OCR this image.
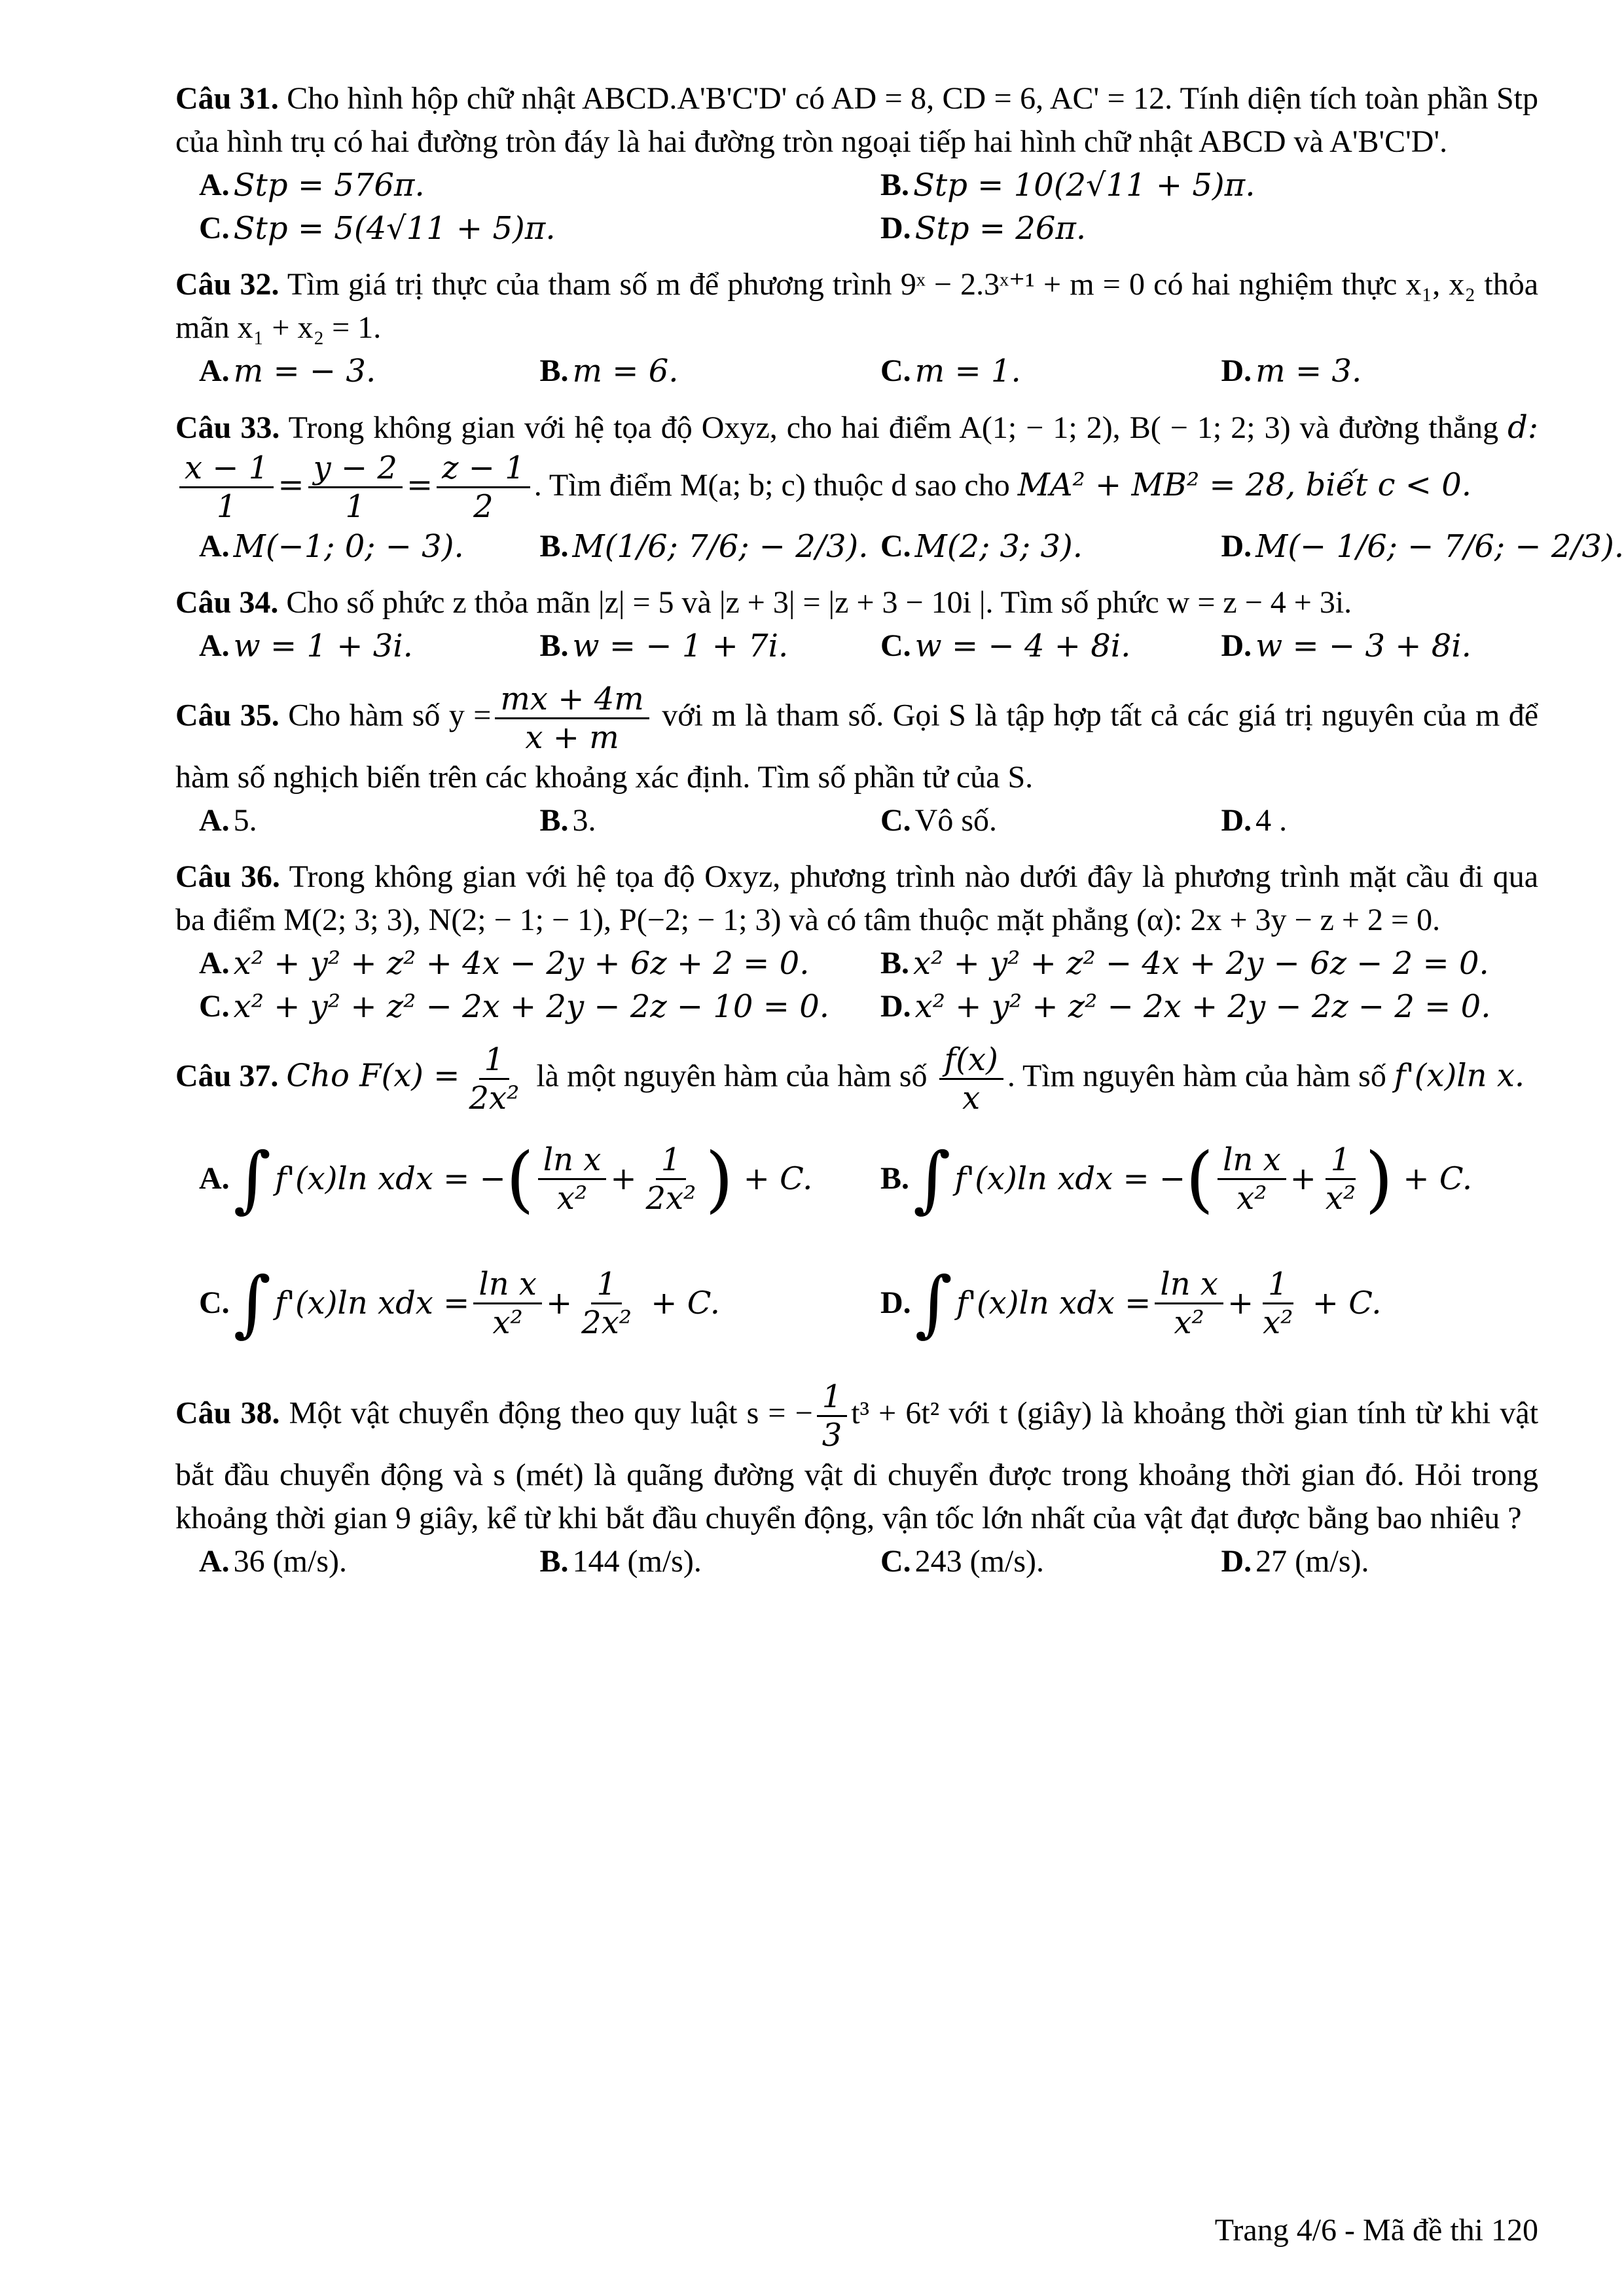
Câu 31. Cho hình hộp chữ nhật ABCD.A'B'C'D' có AD = 8, CD = 6, AC' = 12. Tính diện tích toàn phần Stp của hình trụ có hai đường tròn đáy là hai đường tròn ngoại tiếp hai hình chữ nhật ABCD và A'B'C'D'.
A. Stp = 576π.	B. Stp = 10(2√11 + 5)π.
C. Stp = 5(4√11 + 5)π.	D. Stp = 26π.
Câu 32. Tìm giá trị thực của tham số m để phương trình 9ˣ − 2.3ˣ⁺¹ + m = 0 có hai nghiệm thực x₁, x₂ thỏa mãn x₁ + x₂ = 1.
A. m = − 3.	B. m = 6.	C. m = 1.	D. m = 3.
Câu 33. Trong không gian với hệ tọa độ Oxyz, cho hai điểm A(1; − 1; 2), B( − 1; 2; 3) và đường thẳng d:
$\frac{x - 1}{1} = \frac{y - 2}{1} = \frac{z - 1}{2}$ . Tìm điểm M(a; b; c) thuộc d sao cho MA² + MB² = 28, biết c < 0.
A. M(−1; 0; − 3). B. M(1/6; 7/6; − 2/3). C. M(2; 3; 3).	D. M(− 1/6; − 7/6; − 2/3).
Câu 34. Cho số phức z thỏa mãn |z| = 5 và |z + 3| = |z + 3 − 10i |. Tìm số phức w = z − 4 + 3i.
A. w = 1 + 3i.	B. w = − 1 + 7i.	C. w = − 4 + 8i.	D. w = − 3 + 8i.
Câu 35. Cho hàm số $y = \frac{mx + 4m}{x + m}$ với m là tham số. Gọi S là tập hợp tất cả các giá trị nguyên của m để hàm số nghịch biến trên các khoảng xác định. Tìm số phần tử của S.
A. 5.	B. 3.	C. Vô số.	D. 4 .
Câu 36. Trong không gian với hệ tọa độ Oxyz, phương trình nào dưới đây là phương trình mặt cầu đi qua ba điểm M(2; 3; 3), N(2; − 1; − 1), P(−2; − 1; 3) và có tâm thuộc mặt phẳng (α): 2x + 3y − z + 2 = 0.
A. x² + y² + z² + 4x − 2y + 6z + 2 = 0. B. x² + y² + z² − 4x + 2y − 6z − 2 = 0.
C. x² + y² + z² − 2x + 2y − 2z − 10 = 0. D. x² + y² + z² − 2x + 2y − 2z − 2 = 0.
Câu 37. Cho $F(x) = \frac{1}{\text{2x²}}$ là một nguyên hàm của hàm số $\frac{f(x)}{x}$ . Tìm nguyên hàm của hàm số f'(x)ln x.
A. ∫ f'(x)ln xdx = − ( $\frac{\text{ln x}}{\text{x²}} + \frac{1}{\text{2x²}}$ )
+ C. B. ∫ f'(x)ln xdx = − ( $\frac{\text{ln x}}{\text{x²}} + \frac{1}{\text{x²}}$ )
+ C.
C. ∫ f'(x)ln xdx = $\frac{\text{ln x}}{\text{x²}} + \frac{1}{\text{2x²}}$
+ C.	D. ∫ f'(x)ln xdx = $\frac{\text{ln x}}{\text{x²}} + \frac{1}{\text{x²}}$
+ C.
Câu 38. Một vật chuyển động theo quy luật s = − $\frac{1}{3} t^3 + 6t^2$ với t (giây) là khoảng thời gian tính từ khi vật bắt đầu chuyển động và s (mét) là quãng đường vật di chuyển được trong khoảng thời gian đó. Hỏi trong khoảng thời gian 9 giây, kể từ khi bắt đầu chuyển động, vận tốc lớn nhất của vật đạt được bằng bao nhiêu ?
A. 36 (m/s).	B. 144 (m/s).	C. 243 (m/s).	D. 27 (m/s).
Trang 4/6 - Mã đề thi 120
